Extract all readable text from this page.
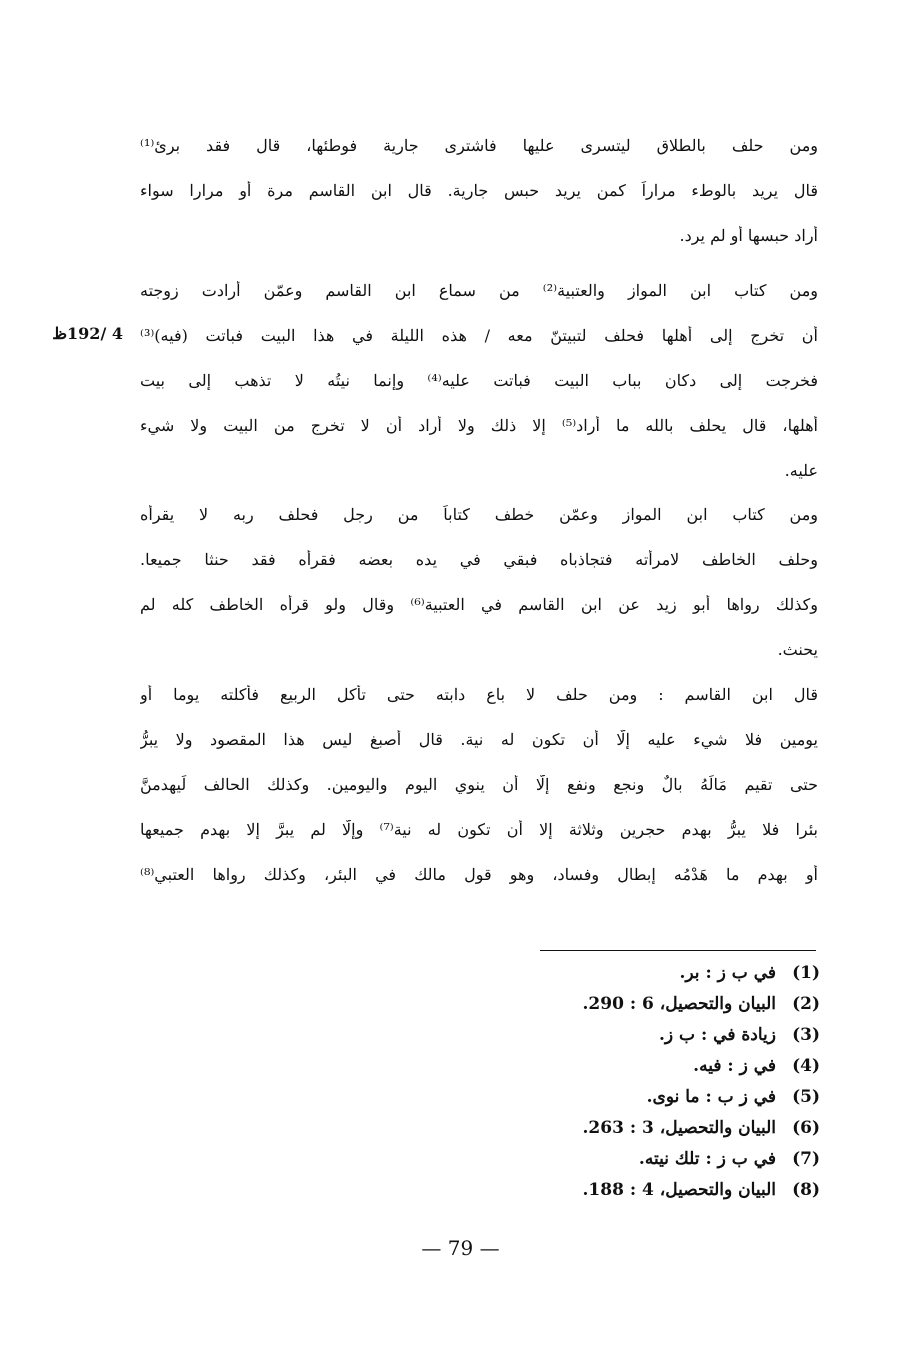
ومن حلف بالطلاق ليتسرى عليها فاشترى جارية فوطئها، قال فقد برئ⁽¹⁾
قال يريد بالوطء مراراً كمن يريد حبس جارية. قال ابن القاسم مرة أو مرارا سواء
أراد حبسها أو لم يرد.
ومن كتاب ابن المواز والعتبية⁽²⁾ من سماع ابن القاسم وعمّن أرادت زوجته
أن تخرج إلى أهلها فحلف لتبيتنّ معه / هذه الليلة في هذا البيت فباتت (فيه)⁽³⁾
فخرجت إلى دكان بباب البيت فباتت عليه⁽⁴⁾ وإنما نيتُه لا تذهب إلى بيت
أهلها، قال يحلف بالله ما أراد⁽⁵⁾ إلا ذلك ولا أراد أن لا تخرج من البيت ولا شيء
عليه.
4 /192ظ
ومن كتاب ابن المواز وعمّن خطف كتاباً من رجل فحلف ربه لا يقرأه
وحلف الخاطف لامرأته فتجاذباه فبقي في يده بعضه فقرأه فقد حنثا جميعا.
وكذلك رواها أبو زيد عن ابن القاسم في العتبية⁽⁶⁾ وقال ولو قرأه الخاطف كله لم
يحنث.
قال ابن القاسم : ومن حلف لا باع دابته حتى تأكل الربيع فأكلته يوما أو
يومين فلا شيء عليه إلّا أن تكون له نية. قال أصبغ ليس هذا المقصود ولا يبرُّ
حتى تقيم مَالَهُ بالٌ ونجع ونفع إلّا أن ينوي اليوم واليومين. وكذلك الحالف لَيهدمنَّ
بئرا فلا يبرُّ بهدم حجرين وثلاثة إلا أن تكون له نية⁽⁷⁾ وإلّا لم يبرَّ إلا بهدم جميعها
أو بهدم ما هَدْمُه إبطال وفساد، وهو قول مالك في البئر، وكذلك رواها العتبي⁽⁸⁾
(1)
في ب ز : بر.
(2)
البيان والتحصيل، 6 : 290.
(3)
زيادة في : ب ز.
(4)
في ز : فيه.
(5)
في ز ب : ما نوى.
(6)
البيان والتحصيل، 3 : 263.
(7)
في ب ز : تلك نيته.
(8)
البيان والتحصيل، 4 : 188.
— 79 —
